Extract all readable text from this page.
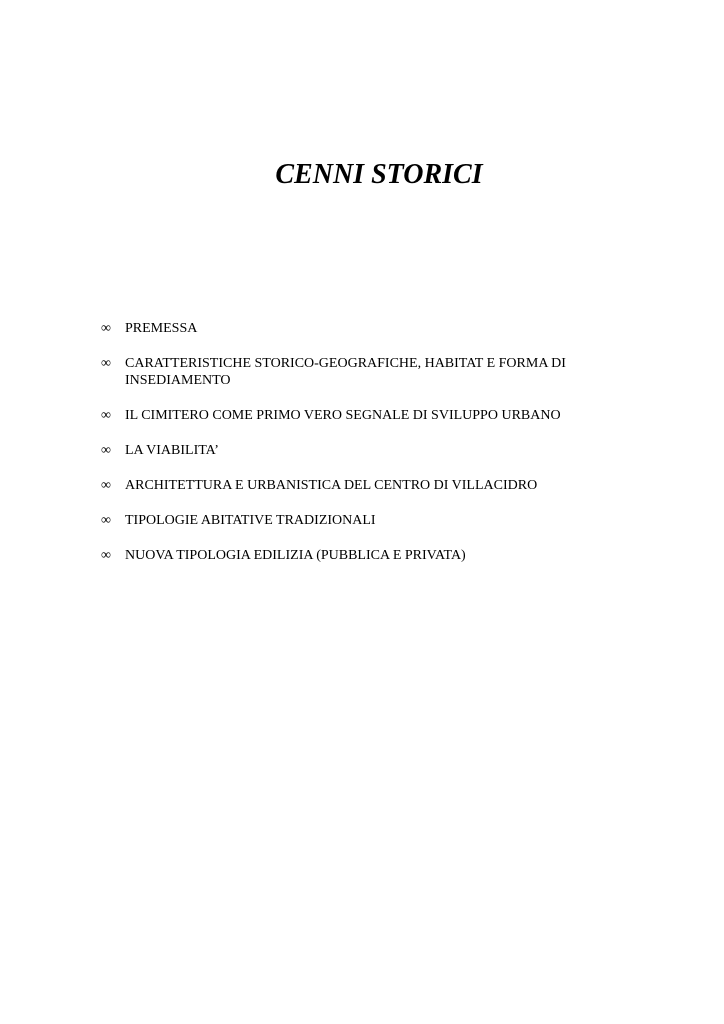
CENNI STORICI
∞	PREMESSA
∞	CARATTERISTICHE STORICO-GEOGRAFICHE, HABITAT E FORMA DI INSEDIAMENTO
∞	IL CIMITERO COME PRIMO VERO SEGNALE DI SVILUPPO URBANO
∞	LA VIABILITA’
∞	ARCHITETTURA E URBANISTICA DEL CENTRO DI VILLACIDRO
∞	TIPOLOGIE ABITATIVE TRADIZIONALI
∞	NUOVA TIPOLOGIA EDILIZIA (PUBBLICA E PRIVATA)
